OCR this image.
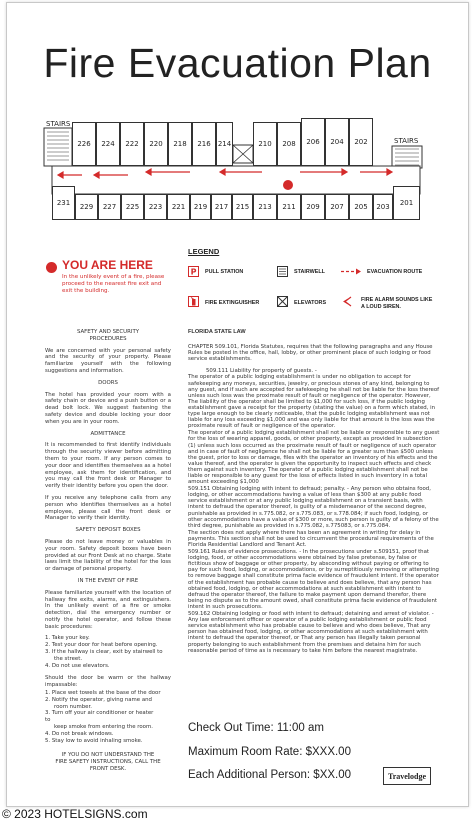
Fire Evacuation Plan
STAIRS
STAIRS
226	224	222	220	218	216	214	210	208	206	204	202
231	229	227	225	223	221	219	217	215	213	211	209	207	205	203	201
YOU ARE HERE
In the unlikely event of a fire, please proceed to the nearest fire exit and exit the building.
LEGEND
P PULL STATION	STAIRWELL	EVACUATION ROUTE
FIRE EXTINGUISHER	ELEVATORS	FIRE ALARM SOUNDS LIKE A LOUD SIREN.
SAFETY AND SECURITY PROCEDURES

We are concerned with your personal safety and the security of your property. Please familiarize yourself with the following suggestions and information.

DOORS

The hotel has provided your room with a safety chain or device and a push button or a dead bolt lock. We suggest fastening the safety device and double locking your door when you are in your room.

ADMITTANCE

It is recommended to first identify individuals through the security viewer before admitting them to your room. If any person comes to your door and identifies themselves as a hotel employee, ask them for identification, and you may call the front desk or Manager to verify their identity before you open the door.

If you receive any telephone calls from any person who identifies themselves as a hotel employee, please call the front desk or Manager to verify their identity.

SAFETY DEPOSIT BOXES

Please do not leave money or valuables in your room. Safety deposit boxes have been provided at our Front Desk at no charge. State laws limit the liability of the hotel for the loss or damage of personal property.

IN THE EVENT OF FIRE

Please familiarize yourself with the location of hallway fire exits, alarms, and extinguishers. In the unlikely event of a fire or smoke detection, dial the emergency number or notify the hotel operator, and follow these basic procedures:

1. Take your key.
2. Test your door for heat before opening.
3. If the hallway is clear, exit by stairwell to
the street.
4. Do not use elevators.

Should the door be warm or the hallway impassable:

1. Place wet towels at the base of the door
2. Notify the operator, giving name and
room number.
3. Turn off your air conditioner or heater
to
keep smoke from entering the room.
4. Do not break windows.
5. Stay low to avoid inhaling smoke.
IF YOU DO NOT UNDERSTAND THE FIRE SAFETY INSTRUCTIONS, CALL THE FRONT DESK.
FLORIDA STATE LAW

CHAPTER 509.101, Florida Statutes, requires that the following paragraphs and any House Rules be posted in the office, hall, lobby, or other prominent place of such lodging or food service establishments.

509.111 Liability for property of guests. -

The operator of a public lodging establishment is under no obligation to accept for safekeeping any moneys, securities, jewelry, or precious stones of any kind, belonging to any guest, and if such are accepted for safekeeping he shall not be liable for the loss thereof unless such loss was the proximate result of fault or negligence of the operator. However, The liability of the operator shall be limited to $1,000 for such loss, if the public lodging establishment gave a receipt for the property (stating the value) on a form which stated, in type large enough to be clearly noticeable, that the public lodging establishment was not liable for any loss exceeding $1,000 and was only liable for that amount is the loss was the proximate result of fault or negligence of the operator.

The operator of a public lodging establishment shall not be liable or responsible to any guest for the loss of wearing apparel, goods, or other property, except as provided in subsection (1) unless such loss occurred as the proximate result of fault or negligence of such operator and in case of fault of negligence he shall not be liable for a greater sum than $500 unless the guest, prior to loss or damage, files with the operator an inventory of his effects and the value thereof, and the operator is given the opportunity to inspect such effects and check them against such inventory. The operator of a public lodging establishment shall not be liable or responsible to any guest for the loss of effects listed in such inventory in a total amount exceeding $1,000

509.151 Obtaining lodging with intent to defraud; penalty. - Any person who obtains food, lodging, or other accommodations having a value of less than $300 at any public food service establishment or at any public lodging establishment on a transient basis, with intent to defraud the operator thereof, is guilty of a misdemeanor of the second degree, punishable as provided in s.775.082, or s.775.083, or s.778.084; if such food, lodging, or other accommodations have a value of $300 or more, such person is guilty of a felony of the third degree, punishable as provided in s.775.082, s.775083, or s.775.084.

The section does not apply where there has been an agreement in writing for delay in payments. This section shall not be used to circumvent the procedural requirements of the Florida Residential Landlord and Tenant Act.

509.161 Rules of evidence prosecutions. - In the prosecutions under s.509151, proof that lodging, food, or other accommodations were obtained by false pretense, by false or fictitious show of baggage or other property, by absconding without paying or offering to pay for such food, lodging, or accommodations, or by surreptitiously removing or attempting to remove baggage shall constitute prima facie evidence of fraudulent intent. If the operator of the establishment has probable cause to believe and does believe, that any person has obtained food, lodging, or other accommodations at such establishment with intent to defraud the operator thereof, the failure to make payment upon demand therefor, there being no dispute as to the amount owed, shall constitute prima facie evidence of fraudulent intent in such prosecutions.

509.162 Obtaining lodging or food with intent to defraud; detaining and arrest of violator. - Any law enforcement officer or operator of a public lodging establishment or public food service establishment who has probable cause to believe and who does believe, That any person has obtained food, lodging, or other accommodations at such establishment with intent to defraud the operator thereof, or That any person has illegally taken personal property belonging to such establishment from the premises and detains him for such reasonable period of time as is necessary to take him before the nearest magistrate.

Check Out Time: 11:00 am
Maximum Room Rate: $XXX.00
Each Additional Person: $XX.00	Travelodge
© 2023 HOTELSIGNS.com
